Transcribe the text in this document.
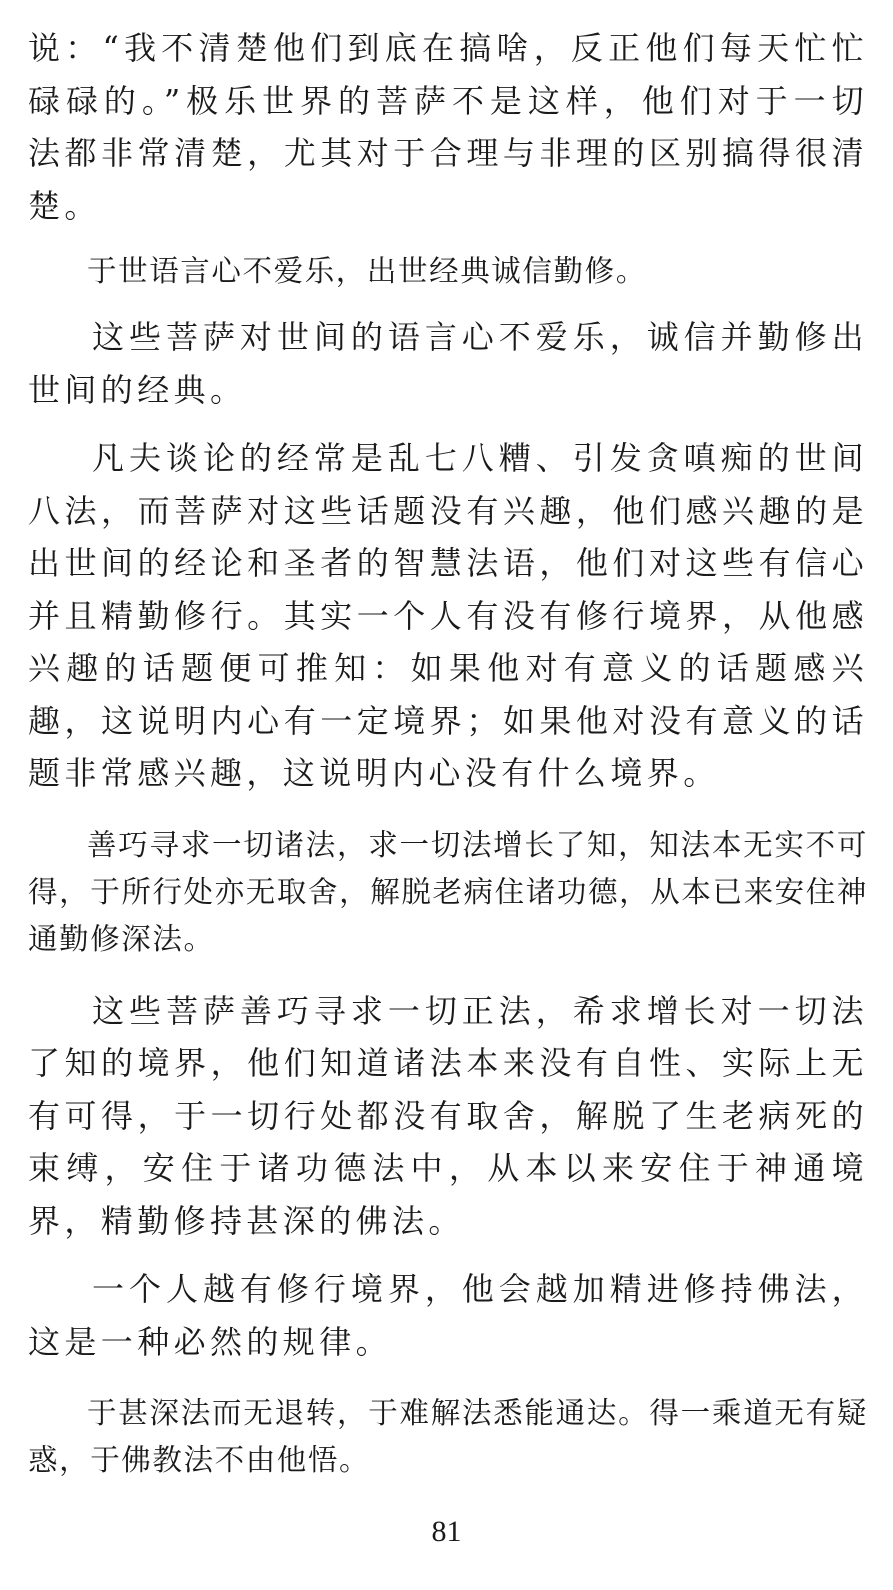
说：“我不清楚他们到底在搞啥，反正他们每天忙忙碌碌的。”极乐世界的菩萨不是这样，他们对于一切法都非常清楚，尤其对于合理与非理的区别搞得很清楚。

于世语言心不爱乐，出世经典诚信勤修。

这些菩萨对世间的语言心不爱乐，诚信并勤修出世间的经典。

凡夫谈论的经常是乱七八糟、引发贪嗔痴的世间八法，而菩萨对这些话题没有兴趣，他们感兴趣的是出世间的经论和圣者的智慧法语，他们对这些有信心并且精勤修行。其实一个人有没有修行境界，从他感兴趣的话题便可推知：如果他对有意义的话题感兴趣，这说明内心有一定境界；如果他对没有意义的话题非常感兴趣，这说明内心没有什么境界。

善巧寻求一切诸法，求一切法增长了知，知法本无实不可得，于所行处亦无取舍，解脱老病住诸功德，从本已来安住神通勤修深法。

这些菩萨善巧寻求一切正法，希求增长对一切法了知的境界，他们知道诸法本来没有自性、实际上无有可得，于一切行处都没有取舍，解脱了生老病死的束缚，安住于诸功德法中，从本以来安住于神通境界，精勤修持甚深的佛法。

一个人越有修行境界，他会越加精进修持佛法，这是一种必然的规律。

于甚深法而无退转，于难解法悉能通达。得一乘道无有疑惑，于佛教法不由他悟。

81
